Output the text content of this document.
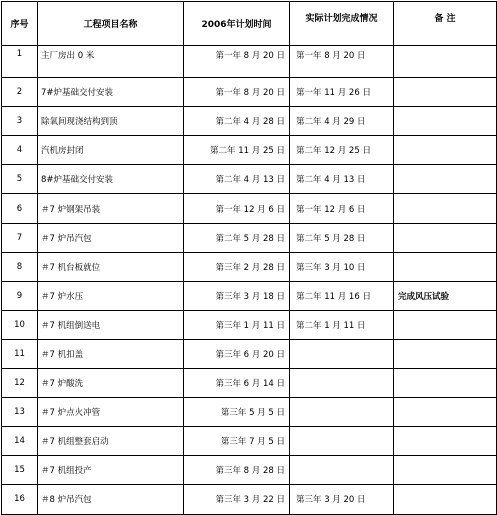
序号	工程项目名称	2006年计划时间	实际计划完成情况	备 注
1	主厂房出 0 米	第一年 8 月 20 日	第一年 8 月 20 日	
2	7#炉基础交付安装	第一年 8 月 20 日	第一年 11 月 26 日	
3	除氧间现浇结构到顶	第二年 4 月 28 日	第二年 4 月 29 日	
4	汽机房封闭	第二年 11 月 25 日	第二年 12 月 25 日	
5	8#炉基础交付安装	第二年 4 月 13 日	第二年 4 月 13 日	
6	＃7 炉钢架吊装	第一年 12 月 6 日	第一年 12 月 6 日	
7	＃7 炉吊汽包	第二年 5 月 28 日	第二年 5 月 28 日	
8	＃7 机台板就位	第三年 2 月 28 日	第三年 3 月 10 日	
9	＃7 炉水压	第三年 3 月 18 日	第二年 11 月 16 日	完成风压试验
10	＃7 机组倒送电	第三年 1 月 11 日	第二年 1 月 11 日	
11	＃7 机扣盖	第三年 6 月 20 日		
12	＃7 炉酸洗	第三年 6 月 14 日		
13	＃7 炉点火冲管	第三年 5 月 5 日		
14	＃7 机组整套启动	第三年 7 月 5 日		
15	＃7 机组投产	第三年 8 月 28 日		
16	＃8 炉吊汽包	第三年 3 月 22 日	第三年 3 月 20 日	
